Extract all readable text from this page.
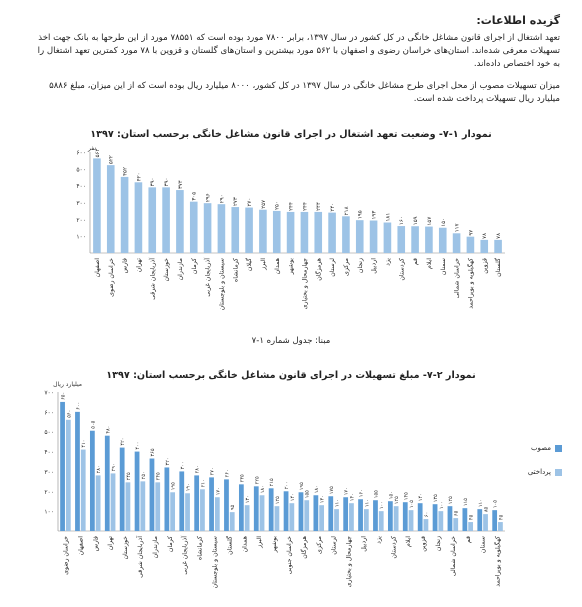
گزیده اطلاعات:
تعهد اشتغال از اجرای قانون مشاغل خانگی در کل کشور در سال ۱۳۹۷، برابر ۷۸۰۰ مورد بوده است که ۷۸۵۵۱ مورد از این طرحها به بانک جهت اخذ تسهیلات معرفی شده‌اند. استان‌های خراسان رضوی و اصفهان با ۵۶۲ مورد بیشترین و استان‌های گلستان و قزوین با ۷۸ مورد کمترین تعهد اشتغال را به خود اختصاص داده‌اند.
میزان تسهیلات مصوب از محل اجرای طرح مشاغل خانگی در سال ۱۳۹۷ در کل کشور، ۸۰۰۰ میلیارد ریال بوده است که از این میزان، مبلغ ۵۸۸۶ میلیارد ریال تسهیلات پرداخت شده است.
نمودار ۱-۷- وضعیت تعهد اشتغال در اجرای قانون مشاغل خانگی برحسب استان: ۱۳۹۷
۱۰۰
۲۰۰
۳۰۰
۴۰۰
۵۰۰
۶۰۰
نفر
۵۶۲
اصفهان
۵۲۲
خراسان رضوی
۴۵۲
فارس
۴۲۰
تهران
۳۹۰
آذربایجان شرقی
۳۹۰
خوزستان
۳۷۴
مازندران
۳۰۵
کرمان
۲۹۶
آذربایجان غربی
۲۹۰
سیستان و بلوچستان
۲۷۳
کرمانشاه
۲۷۰
گیلان
۲۵۷
البرز
۲۵۰
همدان
۲۴۴
بوشهر
۲۴۴
چهارمحال و بختیاری
۲۴۴
هرمزگان
۲۴۰
لرستان
۲۱۸
مرکزی
۱۹۵
زنجان
۱۹۳
اردبیل
۱۸۱
یزد
۱۶۰
کردستان
۱۵۹
قم
۱۵۷
ایلام
۱۵۰
سمنان
۱۱۷
خراسان شمالی
۹۷
کهگیلویه و بویراحمد
۷۸
قزوین
۷۸
گلستان
مبنا: جدول شماره ۱-۷
نمودار ۲-۷- مبلغ تسهیلات در اجرای قانون مشاغل خانگی برحسب استان: ۱۳۹۷
۱۰۰
۲۰۰
۳۰۰
۴۰۰
۵۰۰
۶۰۰
۷۰۰
میلیارد ریال
۶۵۰
۵۶۰
خراسان رضوی
۶۰۰
۴۱۰
اصفهان
۵۰۵
۲۸۰
فارس
۴۸۰
۲۹۰
تهران
۴۲۰
۲۴۵
خوزستان
۴۰۰
۲۵۰
آذربایجان شرقی
۳۶۵
۲۴۵
مازندران
۳۲۰
۱۹۵
کرمان
۳۰۰
۱۹۰
آذربایجان غربی
۲۸۰
۲۱۰
کرمانشاه
۲۷۰
۱۷۰
سیستان و بلوچستان
۲۶۰
۹۵
گلستان
۲۳۵
۱۳۰
همدان
۲۲۵
۱۸۰
البرز
۲۱۵
۱۲۵
بوشهر
۲۰۰
۱۴۰
خراسان جنوبی
۱۹۵
۱۵۵
هرمزگان
۱۸۰
۱۳۰
مرکزی
۱۷۵
۱۱۰
لرستان
۱۷۰
۱۴۰
چهارمحال و بختیاری
۱۶۰
۱۱۰
اردبیل
۱۵۵
۱۰۰
یزد
۱۵۰
۱۲۵
کردستان
۱۴۵
۱۰۵
ایلام
۱۴۰
۶۰
قزوین
۱۳۵
۱۰۰
زنجان
۱۲۵
۶۵
خراسان شمالی
۱۱۵
۴۵
قم
۱۱۰
۸۵
سمنان
۱۰۵
۴۵
کهگیلویه و بویراحمد
مصوب
پرداختی
